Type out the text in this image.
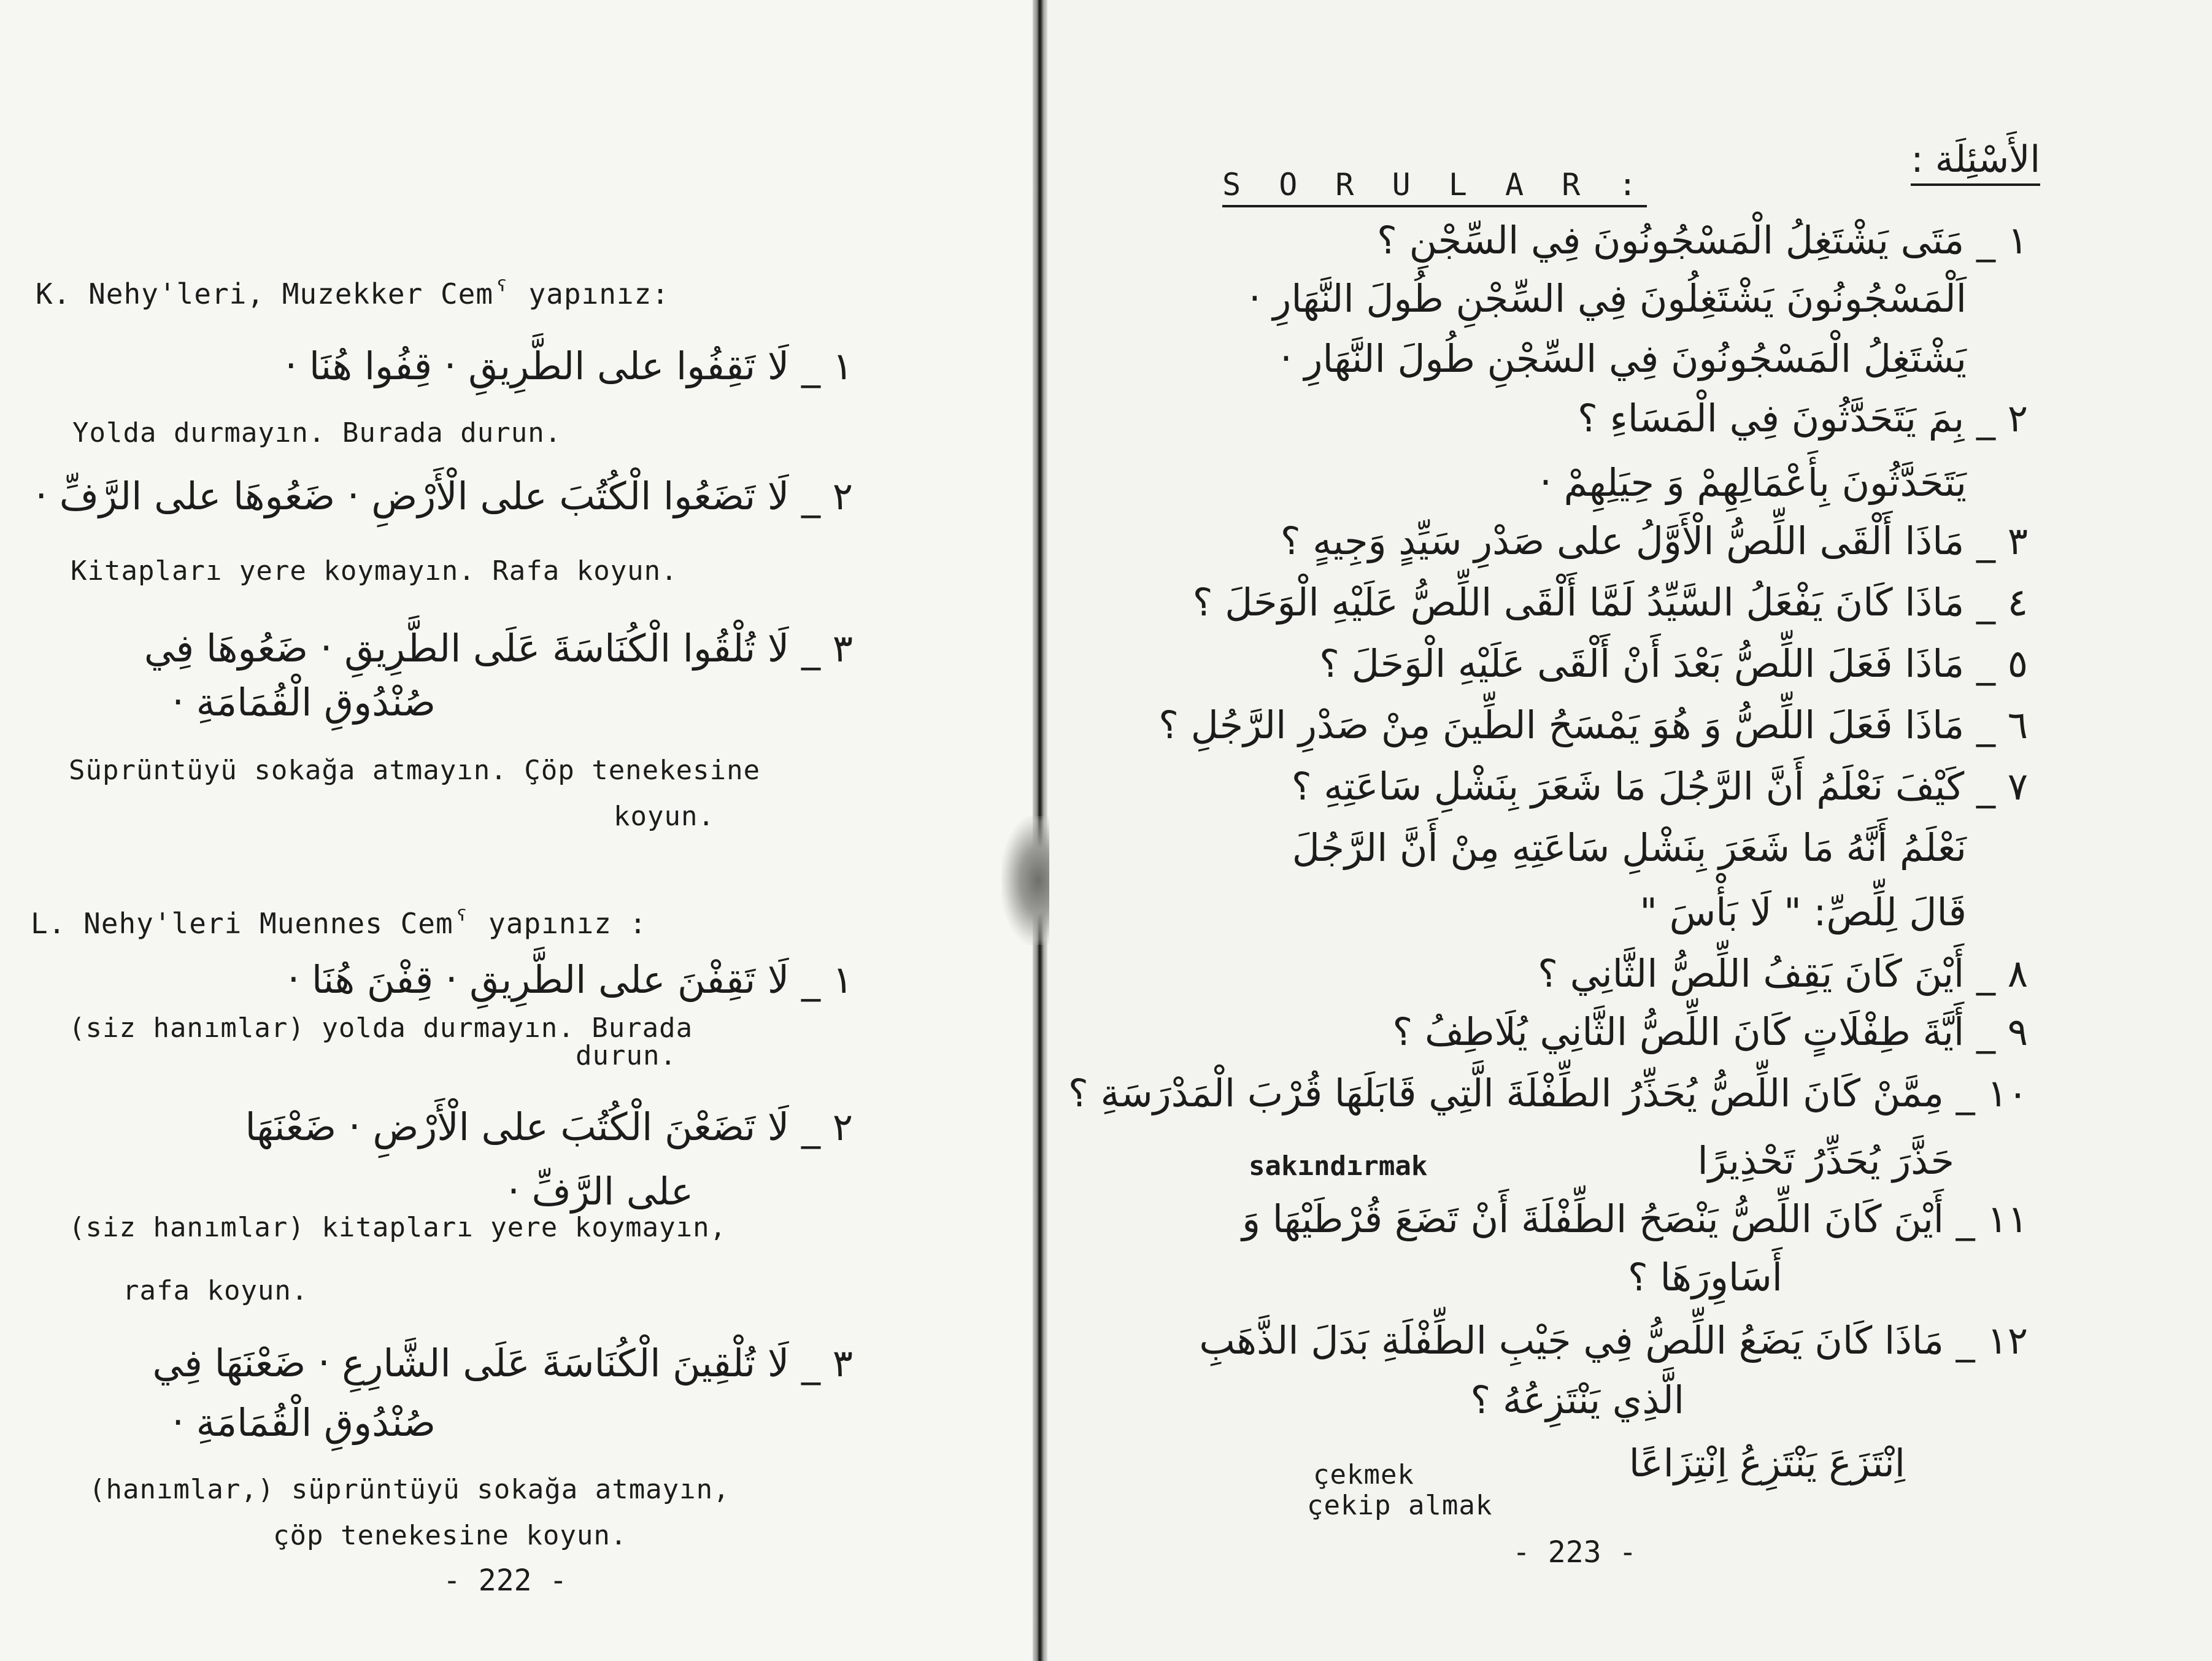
K. Nehy'leri, Muzekker Cemˁ yapınız:
١ _ لَا تَقِفُوا على الطَّرِيقِ · قِفُوا هُنَا ·
Yolda durmayın. Burada durun.
٢ _ لَا تَضَعُوا الْكُتُبَ على الْأَرْضِ · ضَعُوهَا على الرَّفِّ ·
Kitapları yere koymayın. Rafa koyun.
٣ _ لَا تُلْقُوا الْكُنَاسَةَ عَلَى الطَّرِيقِ · ضَعُوهَا فِي
صُنْدُوقِ الْقُمَامَةِ ·
Süprüntüyü sokağa atmayın. Çöp tenekesine
koyun.
L. Nehy'leri Muennes Cemˁ yapınız :
١ _ لَا تَقِفْنَ على الطَّرِيقِ · قِفْنَ هُنَا ·
(siz hanımlar) yolda durmayın. Burada
durun.
٢ _ لَا تَضَعْنَ الْكُتُبَ على الْأَرْضِ · ضَعْنَهَا
على الرَّفِّ ·
(siz hanımlar) kitapları yere koymayın,
rafa koyun.
٣ _ لَا تُلْقِينَ الْكُنَاسَةَ عَلَى الشَّارِعِ · ضَعْنَهَا فِي
صُنْدُوقِ الْقُمَامَةِ ·
(hanımlar,) süprüntüyü sokağa atmayın,
çöp tenekesine koyun.
- 222 -
S O R U L A R :
الأَسْئِلَة :
١ _ مَتَى يَشْتَغِلُ الْمَسْجُونُونَ فِي السِّجْنِ ؟
اَلْمَسْجُونُونَ يَشْتَغِلُونَ فِي السِّجْنِ طُولَ النَّهَارِ ·
يَشْتَغِلُ الْمَسْجُونُونَ فِي السِّجْنِ طُولَ النَّهَارِ ·
٢ _ بِمَ يَتَحَدَّثُونَ فِي الْمَسَاءِ ؟
يَتَحَدَّثُونَ بِأَعْمَالِهِمْ وَ حِيَلِهِمْ ·
٣ _ مَاذَا أَلْقَى اللِّصُّ الْأَوَّلُ على صَدْرِ سَيِّدٍ وَجِيهٍ ؟
٤ _ مَاذَا كَانَ يَفْعَلُ السَّيِّدُ لَمَّا أَلْقَى اللِّصُّ عَلَيْهِ الْوَحَلَ ؟
٥ _ مَاذَا فَعَلَ اللِّصُّ بَعْدَ أَنْ أَلْقَى عَلَيْهِ الْوَحَلَ ؟
٦ _ مَاذَا فَعَلَ اللِّصُّ وَ هُوَ يَمْسَحُ الطِّينَ مِنْ صَدْرِ الرَّجُلِ ؟
٧ _ كَيْفَ نَعْلَمُ أَنَّ الرَّجُلَ مَا شَعَرَ بِنَشْلِ سَاعَتِهِ ؟
نَعْلَمُ أَنَّهُ مَا شَعَرَ بِنَشْلِ سَاعَتِهِ مِنْ أَنَّ الرَّجُلَ
قَالَ لِلِّصِّ: " لَا بَأْسَ "
٨ _ أَيْنَ كَانَ يَقِفُ اللِّصُّ الثَّانِي ؟
٩ _ أَيَّةَ طِفْلَاتٍ كَانَ اللِّصُّ الثَّانِي يُلَاطِفُ ؟
١٠ _ مِمَّنْ كَانَ اللِّصُّ يُحَذِّرُ الطِّفْلَةَ الَّتِي قَابَلَهَا قُرْبَ الْمَدْرَسَةِ ؟
sakındırmak	حَذَّرَ يُحَذِّرُ تَحْذِيرًا
١١ _ أَيْنَ كَانَ اللِّصُّ يَنْصَحُ الطِّفْلَةَ أَنْ تَضَعَ قُرْطَيْهَا وَ
أَسَاوِرَهَا ؟
١٢ _ مَاذَا كَانَ يَضَعُ اللِّصُّ فِي جَيْبِ الطِّفْلَةِ بَدَلَ الذَّهَبِ
الَّذِي يَنْتَزِعُهُ ؟
çekmek
çekip almak
اِنْتَزَعَ يَنْتَزِعُ اِنْتِزَاعًا
- 223 -
